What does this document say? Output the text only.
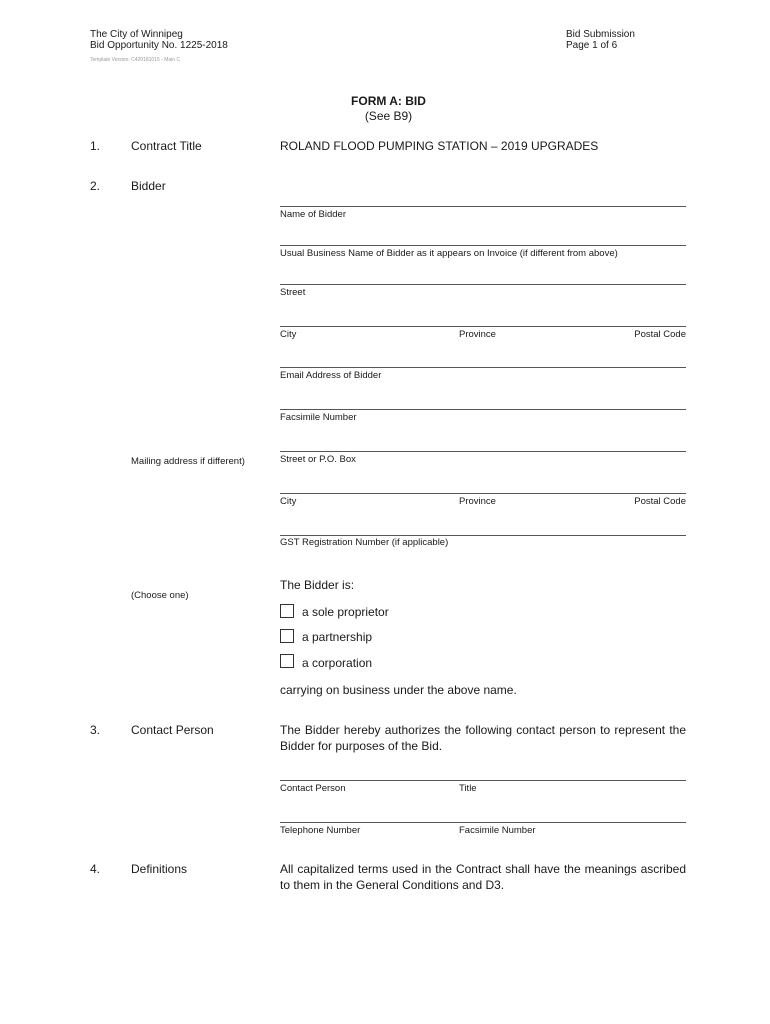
The City of Winnipeg
Bid Opportunity No. 1225-2018
Template Version: C420181015 - Main C
Bid Submission
Page 1 of 6
FORM A: BID
(See B9)
1.	Contract Title	ROLAND FLOOD PUMPING STATION – 2019 UPGRADES
2.	Bidder
Name of Bidder
Usual Business Name of Bidder as it appears on Invoice (if different from above)
Street
City	Province	Postal Code
Email Address of Bidder
Facsimile Number
Mailing address if different)	Street or P.O. Box
City	Province	Postal Code
GST Registration Number (if applicable)
(Choose one)
The Bidder is:
a sole proprietor
a partnership
a corporation
carrying on business under the above name.
3.	Contact Person	The Bidder hereby authorizes the following contact person to represent the Bidder for purposes of the Bid.
Contact Person	Title
Telephone Number	Facsimile Number
4.	Definitions	All capitalized terms used in the Contract shall have the meanings ascribed to them in the General Conditions and D3.
